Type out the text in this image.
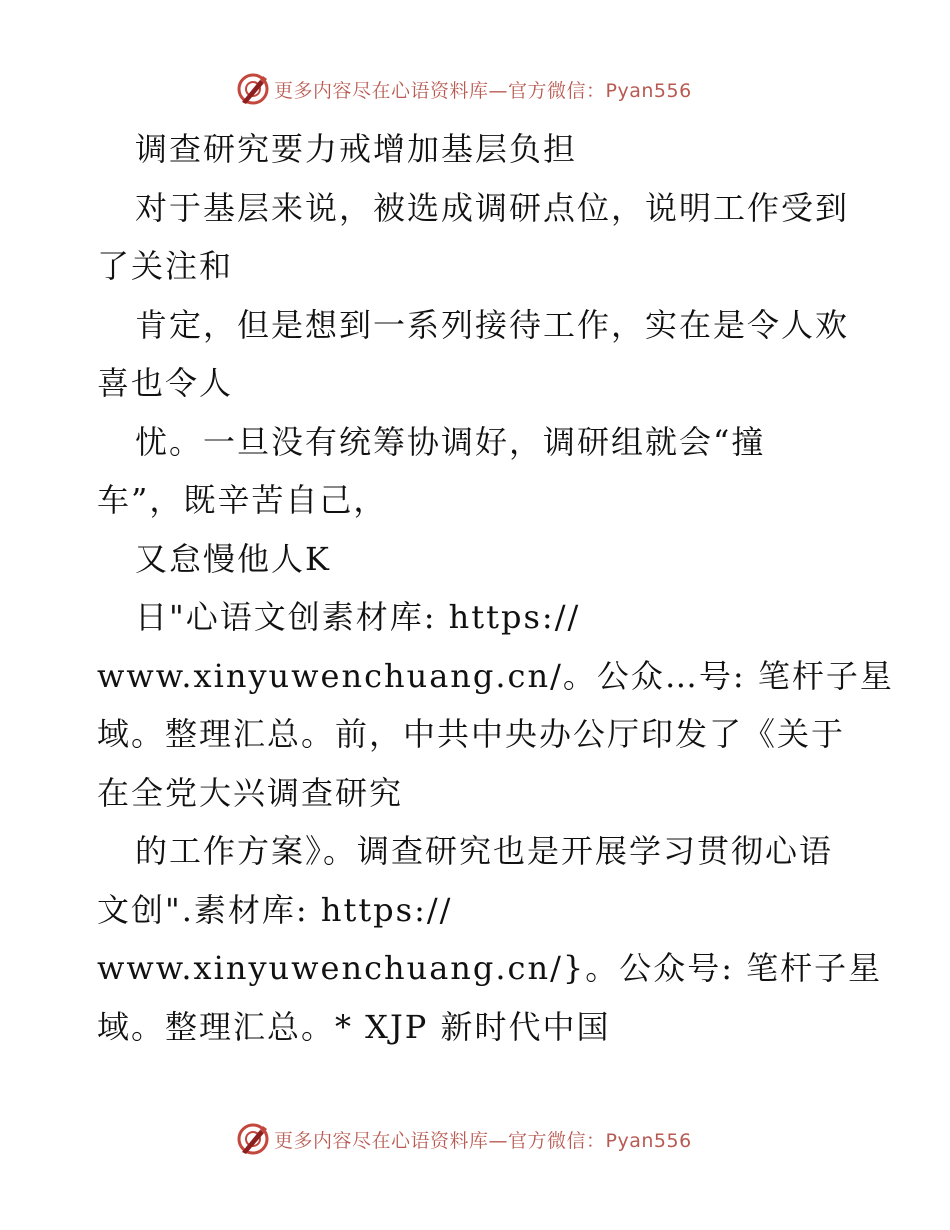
更多内容尽在心语资料库—官方微信：Pyan556
调查研究要力戒增加基层负担
对于基层来说，被选成调研点位，说明工作受到
了关注和
肯定，但是想到一系列接待工作，实在是令人欢
喜也令人
忧。一旦没有统筹协调好，调研组就会“撞
车”，既辛苦自己，
又怠慢他人K
日"心语文创素材库: https://
www.xinyuwenchuang.cn/。公众…号: 笔杆子星
域。整理汇总。前，中共中央办公厅印发了《关于
在全党大兴调查研究
的工作方案》。调查研究也是开展学习贯彻心语
文创".素材库: https://
www.xinyuwenchuang.cn/}。公众号: 笔杆子星
域。整理汇总。* XJP 新时代中国
更多内容尽在心语资料库—官方微信：Pyan556
